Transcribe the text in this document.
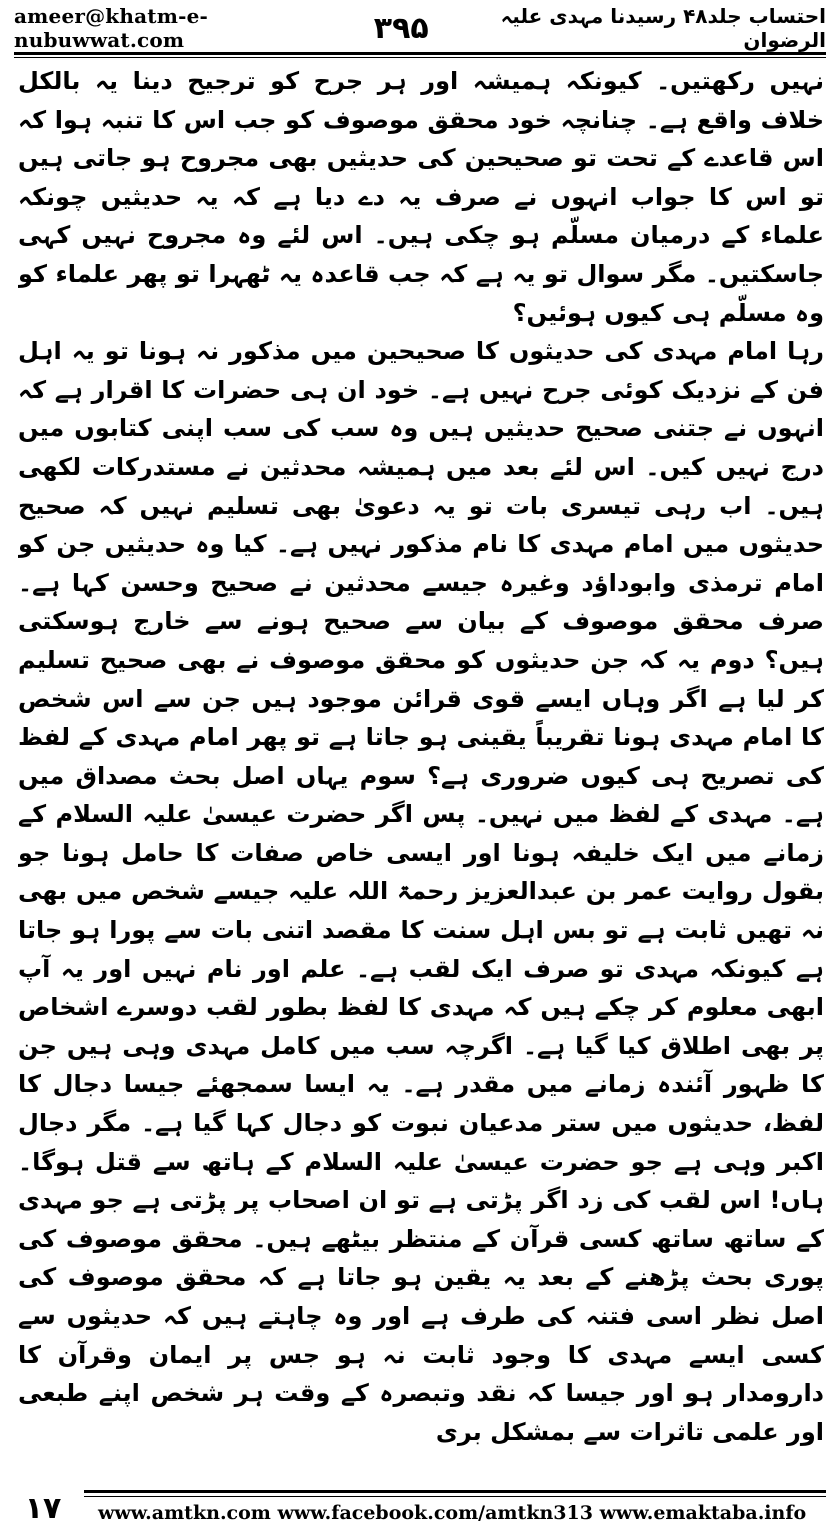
ameer@khatm-e-nubuwwat.com	۳۹۵	احتساب جلد۴۸ رسیدنا مہدی علیہ الرضوان

نہیں رکھتیں۔ کیونکہ ہمیشہ اور ہر جرح کو ترجیح دینا یہ بالکل خلاف واقع ہے۔ چنانچہ خود محقق موصوف کو جب اس کا تنبہ ہوا کہ اس قاعدے کے تحت تو صحیحین کی حدیثیں بھی مجروح ہو جاتی ہیں تو اس کا جواب انہوں نے صرف یہ دے دیا ہے کہ یہ حدیثیں چونکہ علماء کے درمیان مسلّم ہو چکی ہیں۔ اس لئے وہ مجروح نہیں کہی جاسکتیں۔ مگر سوال تو یہ ہے کہ جب قاعدہ یہ ٹھہرا تو پھر علماء کو وہ مسلّم ہی کیوں ہوئیں؟

رہا امام مہدی کی حدیثوں کا صحیحین میں مذکور نہ ہونا تو یہ اہل فن کے نزدیک کوئی جرح نہیں ہے۔ خود ان ہی حضرات کا اقرار ہے کہ انہوں نے جتنی صحیح حدیثیں ہیں وہ سب کی سب اپنی کتابوں میں درج نہیں کیں۔ اس لئے بعد میں ہمیشہ محدثین نے مستدرکات لکھی ہیں۔ اب رہی تیسری بات تو یہ دعویٰ بھی تسلیم نہیں کہ صحیح حدیثوں میں امام مہدی کا نام مذکور نہیں ہے۔ کیا وہ حدیثیں جن کو امام ترمذی وابوداؤد وغیرہ جیسے محدثین نے صحیح وحسن کہا ہے۔ صرف محقق موصوف کے بیان سے صحیح ہونے سے خارج ہوسکتی ہیں؟ دوم یہ کہ جن حدیثوں کو محقق موصوف نے بھی صحیح تسلیم کر لیا ہے اگر وہاں ایسے قوی قرائن موجود ہیں جن سے اس شخص کا امام مہدی ہونا تقریباً یقینی ہو جاتا ہے تو پھر امام مہدی کے لفظ کی تصریح ہی کیوں ضروری ہے؟ سوم یہاں اصل بحث مصداق میں ہے۔ مہدی کے لفظ میں نہیں۔ پس اگر حضرت عیسیٰ علیہ السلام کے زمانے میں ایک خلیفہ ہونا اور ایسی خاص صفات کا حامل ہونا جو بقول روایت عمر بن عبدالعزیز رحمۃ اللہ علیہ جیسے شخص میں بھی نہ تھیں ثابت ہے تو بس اہل سنت کا مقصد اتنی بات سے پورا ہو جاتا ہے کیونکہ مہدی تو صرف ایک لقب ہے۔ علم اور نام نہیں اور یہ آپ ابھی معلوم کر چکے ہیں کہ مہدی کا لفظ بطور لقب دوسرے اشخاص پر بھی اطلاق کیا گیا ہے۔ اگرچہ سب میں کامل مہدی وہی ہیں جن کا ظہور آئندہ زمانے میں مقدر ہے۔ یہ ایسا سمجھئے جیسا دجال کا لفظ، حدیثوں میں ستر مدعیان نبوت کو دجال کہا گیا ہے۔ مگر دجال اکبر وہی ہے جو حضرت عیسیٰ علیہ السلام کے ہاتھ سے قتل ہوگا۔ ہاں! اس لقب کی زد اگر پڑتی ہے تو ان اصحاب پر پڑتی ہے جو مہدی کے ساتھ ساتھ کسی قرآن کے منتظر بیٹھے ہیں۔ محقق موصوف کی پوری بحث پڑھنے کے بعد یہ یقین ہو جاتا ہے کہ محقق موصوف کی اصل نظر اسی فتنہ کی طرف ہے اور وہ چاہتے ہیں کہ حدیثوں سے کسی ایسے مہدی کا وجود ثابت نہ ہو جس پر ایمان وقرآن کا دارومدار ہو اور جیسا کہ نقد وتبصرہ کے وقت ہر شخص اپنے طبعی اور علمی تاثرات سے بمشکل بری

۱۷	www.amtkn.com www.facebook.com/amtkn313 www.emaktaba.info
